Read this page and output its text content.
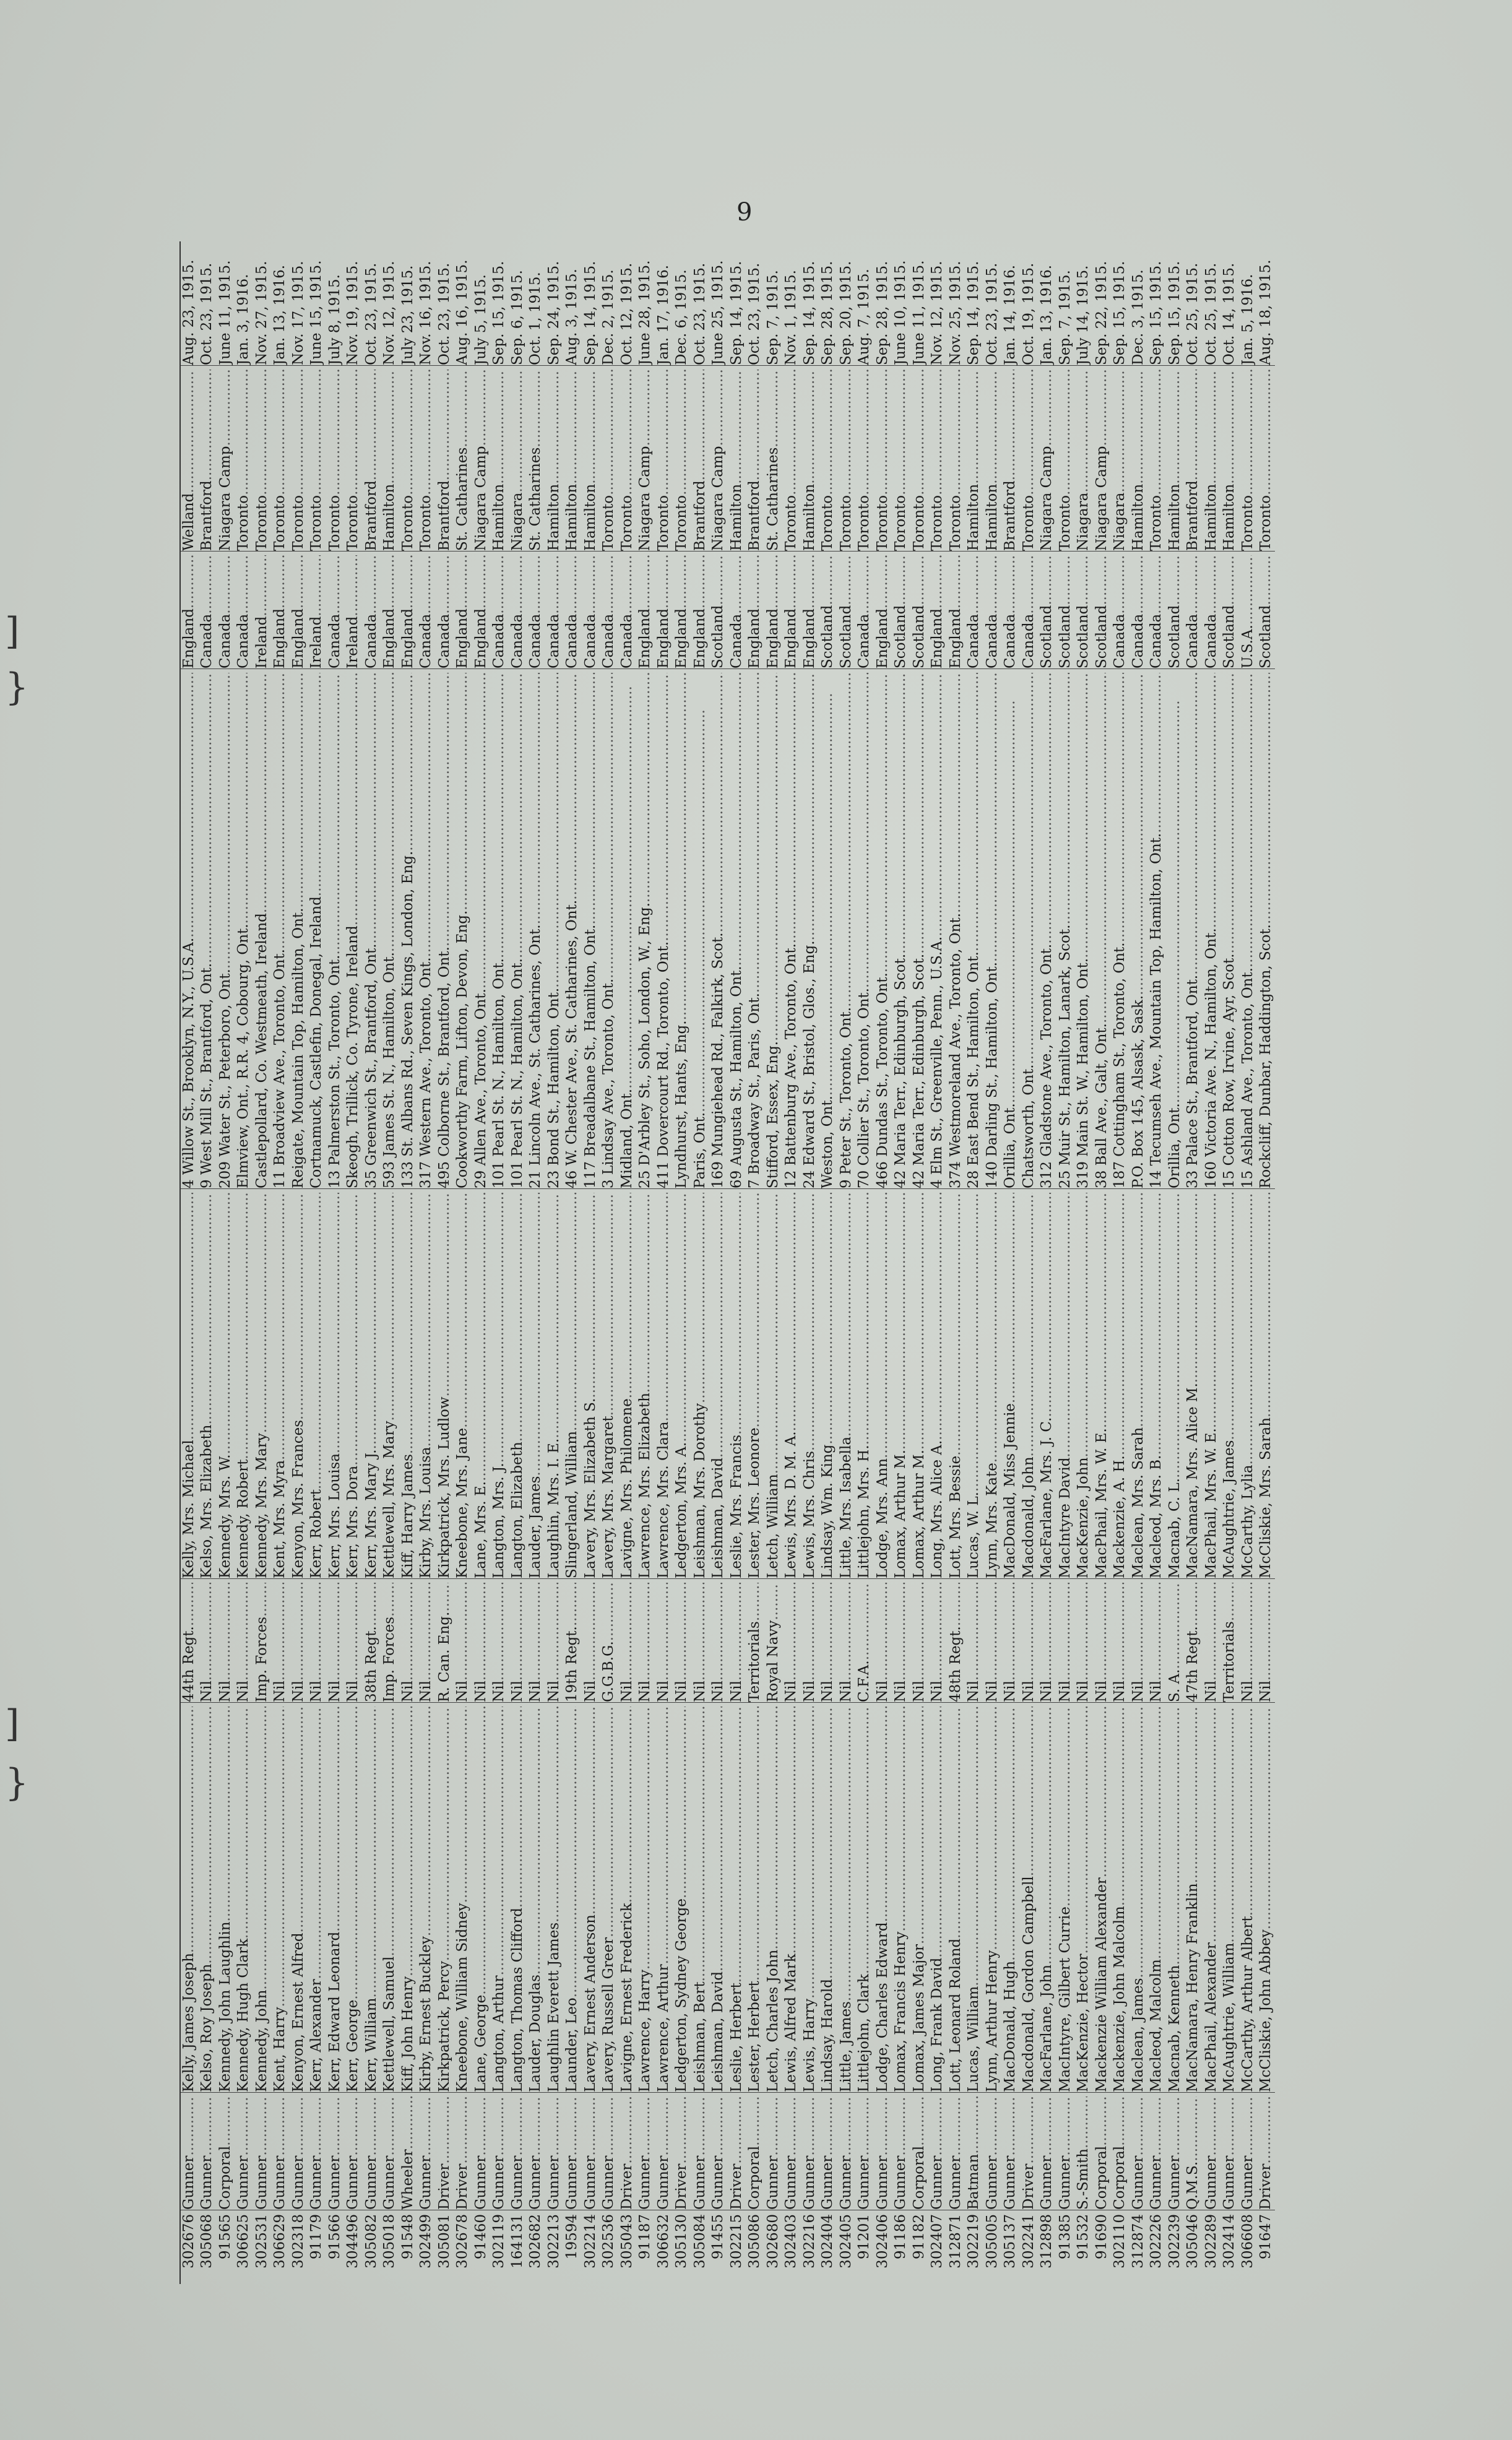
9
]
}
]
}
302676
Gunner
.....
Kelly, James Joseph
.....
44th Regt.
.....
Kelly, Mrs. Michael
.....
4 Willow St., Brooklyn, N.Y., U.S.A.
.....
England
.....
Welland
.....
Aug. 23, 1915.
305068
Gunner
.....
Kelso, Roy Joseph
.....
Nil
.....
Kelso, Mrs. Elizabeth
.....
9 West Mill St., Brantford, Ont.
.....
Canada
.....
Brantford
.....
Oct. 23, 1915.
91565
Corporal
.....
Kennedy, John Laughlin
.....
Nil
.....
Kennedy, Mrs. W.
.....
209 Water St., Peterboro, Ont.
.....
Canada
.....
Niagara Camp
.....
June 11, 1915.
306625
Gunner
.....
Kennedy, Hugh Clark
.....
Nil
.....
Kennedy, Robert
.....
Elmview, Ont., R.R. 4, Cobourg, Ont.
.....
Canada
.....
Toronto
.....
Jan. 3, 1916.
302531
Gunner
.....
Kennedy, John
.....
Imp. Forces
.....
Kennedy, Mrs. Mary
.....
Castlepollard, Co. Westmeath, Ireland
.....
Ireland
.....
Toronto
.....
Nov. 27, 1915.
306629
Gunner
.....
Kent, Harry
.....
Nil
.....
Kent, Mrs. Myra
.....
11 Broadview Ave., Toronto, Ont.
.....
England
.....
Toronto
.....
Jan. 13, 1916.
302318
Gunner
.....
Kenyon, Ernest Alfred
.....
Nil
.....
Kenyon, Mrs. Frances
.....
Reigate, Mountain Top, Hamilton, Ont.
.....
England
.....
Toronto
.....
Nov. 17, 1915.
91179
Gunner
.....
Kerr, Alexander
.....
Nil
.....
Kerr, Robert
.....
Cortnamuck, Castlefin, Donegal, Ireland
.....
Ireland
.....
Toronto
.....
June 15, 1915.
91566
Gunner
.....
Kerr, Edward Leonard
.....
Nil
.....
Kerr, Mrs. Louisa
.....
13 Palmerston St., Toronto, Ont.
.....
Canada
.....
Toronto
.....
July 8, 1915.
304496
Gunner
.....
Kerr, George
.....
Nil
.....
Kerr, Mrs. Dora
.....
Skeogh, Trillick, Co. Tyrone, Ireland
.....
Ireland
.....
Toronto
.....
Nov. 19, 1915.
305082
Gunner
.....
Kerr, William
.....
38th Regt.
.....
Kerr, Mrs. Mary J.
.....
35 Greenwich St., Brantford, Ont.
.....
Canada
.....
Brantford
.....
Oct. 23, 1915.
305018
Gunner
.....
Kettlewell, Samuel
.....
Imp. Forces
.....
Kettlewell, Mrs. Mary
.....
593 James St. N., Hamilton, Ont.
.....
England
.....
Hamilton
.....
Nov. 12, 1915.
91548
Wheeler
.....
Kiff, John Henry
.....
Nil
.....
Kiff, Harry James
.....
133 St. Albans Rd., Seven Kings, London, Eng.
.....
England
.....
Toronto
.....
July 23, 1915.
302499
Gunner
.....
Kirby, Ernest Buckley
.....
Nil
.....
Kirby, Mrs. Louisa
.....
317 Western Ave., Toronto, Ont.
.....
Canada
.....
Toronto
.....
Nov. 16, 1915.
305081
Driver
.....
Kirkpatrick, Percy
.....
R. Can. Eng.
.....
Kirkpatrick, Mrs. Ludlow
.....
495 Colborne St., Brantford, Ont.
.....
Canada
.....
Brantford
.....
Oct. 23, 1915.
302678
Driver
.....
Kneebone, William Sidney
.....
Nil
.....
Kneebone, Mrs. Jane
.....
Cookworthy Farm, Lifton, Devon, Eng.
.....
England
.....
St. Catharines
.....
Aug. 16, 1915.
91460
Gunner
.....
Lane, George
.....
Nil
.....
Lane, Mrs. E.
.....
29 Allen Ave., Toronto, Ont.
.....
England
.....
Niagara Camp
.....
July 5, 1915.
302119
Gunner
.....
Langton, Arthur
.....
Nil
.....
Langton, Mrs. J.
.....
101 Pearl St. N., Hamilton, Ont.
.....
Canada
.....
Hamilton
.....
Sep. 15, 1915.
164131
Gunner
.....
Langton, Thomas Clifford
.....
Nil
.....
Langton, Elizabeth
.....
101 Pearl St. N., Hamilton, Ont.
.....
Canada
.....
Niagara
.....
Sep. 6, 1915.
302682
Gunner
.....
Lauder, Douglas
.....
Nil
.....
Lauder, James
.....
21 Lincoln Ave., St. Catharines, Ont.
.....
Canada
.....
St. Catharines
.....
Oct. 1, 1915.
302213
Gunner
.....
Laughlin Everett James
.....
Nil
.....
Laughlin, Mrs. I. E.
.....
23 Bond St., Hamilton, Ont.
.....
Canada
.....
Hamilton
.....
Sep. 24, 1915.
19594
Gunner
.....
Launder, Leo
.....
19th Regt.
.....
Slingerland, William
.....
46 W. Chester Ave., St. Catharines, Ont.
.....
Canada
.....
Hamilton
.....
Aug. 3, 1915.
302214
Gunner
.....
Lavery, Ernest Anderson
.....
Nil
.....
Lavery, Mrs. Elizabeth S.
.....
117 Breadalbane St., Hamilton, Ont.
.....
Canada
.....
Hamilton
.....
Sep. 14, 1915.
302536
Gunner
.....
Lavery, Russell Greer
.....
G.G.B.G.
.....
Lavery, Mrs. Margaret
.....
3 Lindsay Ave., Toronto, Ont.
.....
Canada
.....
Toronto
.....
Dec. 2, 1915.
305043
Driver
.....
Lavigne, Ernest Frederick
.....
Nil
.....
Lavigne, Mrs. Philomene
.....
Midland, Ont.
.....
Canada
.....
Toronto
.....
Oct. 12, 1915.
91187
Gunner
.....
Lawrence, Harry
.....
Nil
.....
Lawrence, Mrs. Elizabeth
.....
25 D'Arbley St., Soho, London, W., Eng.
.....
England
.....
Niagara Camp
.....
June 28, 1915.
306632
Gunner
.....
Lawrence, Arthur
.....
Nil
.....
Lawrence, Mrs. Clara
.....
411 Dovercourt Rd., Toronto, Ont.
.....
England
.....
Toronto
.....
Jan. 17, 1916.
305130
Driver
.....
Ledgerton, Sydney George
.....
Nil
.....
Ledgerton, Mrs. A.
.....
Lyndhurst, Hants, Eng.
.....
England
.....
Toronto
.....
Dec. 6, 1915.
305084
Gunner
.....
Leishman, Bert
.....
Nil
.....
Leishman, Mrs. Dorothy
.....
Paris, Ont.
.....
England
.....
Brantford
.....
Oct. 23, 1915.
91455
Gunner
.....
Leishman, David
.....
Nil
.....
Leishman, David
.....
169 Mungiehead Rd., Falkirk, Scot.
.....
Scotland
.....
Niagara Camp
.....
June 25, 1915.
302215
Driver
.....
Leslie, Herbert
.....
Nil
.....
Leslie, Mrs. Francis
.....
69 Augusta St., Hamilton, Ont.
.....
Canada
.....
Hamilton
.....
Sep. 14, 1915.
305086
Corporal
.....
Lester, Herbert
.....
Territorials
.....
Lester, Mrs. Leonore
.....
7 Broadway St., Paris, Ont.
.....
England
.....
Brantford
.....
Oct. 23, 1915.
302680
Gunner
.....
Letch, Charles John
.....
Royal Navy
.....
Letch, William
.....
Stifford, Essex, Eng.
.....
England
.....
St. Catharines
.....
Sep. 7, 1915.
302403
Gunner
.....
Lewis, Alfred Mark
.....
Nil
.....
Lewis, Mrs. D. M. A.
.....
12 Battenburg Ave., Toronto, Ont.
.....
England
.....
Toronto
.....
Nov. 1, 1915.
302216
Gunner
.....
Lewis, Harry
.....
Nil
.....
Lewis, Mrs. Chris
.....
24 Edward St., Bristol, Glos., Eng.
.....
England
.....
Hamilton
.....
Sep. 14, 1915.
302404
Gunner
.....
Lindsay, Harold
.....
Nil
.....
Lindsay, Wm. King
.....
Weston, Ont.
.....
Scotland
.....
Toronto
.....
Sep. 28, 1915.
302405
Gunner
.....
Little, James
.....
Nil
.....
Little, Mrs. Isabella
.....
9 Peter St., Toronto, Ont.
.....
Scotland
.....
Toronto
.....
Sep. 20, 1915.
91201
Gunner
.....
Littlejohn, Clark
.....
C.F.A.
.....
Littlejohn, Mrs. H.
.....
70 Collier St., Toronto, Ont.
.....
Canada
.....
Toronto
.....
Aug. 7, 1915.
302406
Gunner
.....
Lodge, Charles Edward
.....
Nil
.....
Lodge, Mrs. Ann
.....
466 Dundas St., Toronto, Ont.
.....
England
.....
Toronto
.....
Sep. 28, 1915.
91186
Gunner
.....
Lomax, Francis Henry
.....
Nil
.....
Lomax, Arthur M.
.....
42 Maria Terr., Edinburgh, Scot.
.....
Scotland
.....
Toronto
.....
June 10, 1915.
91182
Corporal
.....
Lomax, James Major
.....
Nil
.....
Lomax, Arthur M.
.....
42 Maria Terr., Edinburgh, Scot.
.....
Scotland
.....
Toronto
.....
June 11, 1915.
302407
Gunner
.....
Long, Frank David
.....
Nil
.....
Long, Mrs. Alice A.
.....
4 Elm St., Greenville, Penn., U.S.A.
.....
England
.....
Toronto
.....
Nov. 12, 1915.
312871
Gunner
.....
Lott, Leonard Roland
.....
48th Regt.
.....
Lott, Mrs. Bessie
.....
374 Westmoreland Ave., Toronto, Ont.
.....
England
.....
Toronto
.....
Nov. 25, 1915.
302219
Batman
.....
Lucas, William
.....
Nil
.....
Lucas, W. L.
.....
28 East Bend St., Hamilton, Ont.
.....
Canada
.....
Hamilton
.....
Sep. 14, 1915.
305005
Gunner
.....
Lynn, Arthur Henry
.....
Nil
.....
Lynn, Mrs. Kate
.....
140 Darling St., Hamilton, Ont.
.....
Canada
.....
Hamilton
.....
Oct. 23, 1915.
305137
Gunner
.....
MacDonald, Hugh
.....
Nil
.....
MacDonald, Miss Jennie
.....
Orillia, Ont.
.....
Canada
.....
Brantford
.....
Jan. 14, 1916.
302241
Driver
.....
Macdonald, Gordon Campbell
.....
Nil
.....
Macdonald, John
.....
Chatsworth, Ont.
.....
Canada
.....
Toronto
.....
Oct. 19, 1915.
312898
Gunner
.....
MacFarlane, John
.....
Nil
.....
MacFarlane, Mrs. J. C.
.....
312 Gladstone Ave., Toronto, Ont.
.....
Scotland
.....
Niagara Camp
.....
Jan. 13, 1916.
91385
Gunner
.....
MacIntyre, Gilbert Currie
.....
Nil
.....
MacIntyre David
.....
25 Muir St., Hamilton, Lanark, Scot.
.....
Scotland
.....
Toronto
.....
Sep. 7, 1915.
91532
S.-Smith
.....
MacKenzie, Hector
.....
Nil
.....
MacKenzie, John
.....
319 Main St. W., Hamilton, Ont.
.....
Scotland
.....
Niagara
.....
July 14, 1915.
91690
Corporal
.....
Mackenzie William Alexander
.....
Nil
.....
MacPhail, Mrs. W. E.
.....
38 Ball Ave., Galt, Ont.
.....
Scotland
.....
Niagara Camp
.....
Sep. 22, 1915.
302110
Corporal
.....
Mackenzie, John Malcolm
.....
Nil
.....
Mackenzie, A. H.
.....
187 Cottingham St., Toronto, Ont.
.....
Canada
.....
Niagara
.....
Sep. 15, 1915.
312874
Gunner
.....
Maclean, James
.....
Nil
.....
Maclean, Mrs. Sarah
.....
P.O. Box 145, Alsask, Sask.
.....
Canada
.....
Hamilton
.....
Dec. 3, 1915.
302226
Gunner
.....
Macleod, Malcolm
.....
Nil
.....
Macleod, Mrs. B.
.....
14 Tecumseh Ave., Mountain Top, Hamilton, Ont.
.....
Canada
.....
Toronto
.....
Sep. 15, 1915.
302239
Gunner
.....
Macnab, Kenneth
.....
S. A.
.....
Macnab, C. L.
.....
Orillia, Ont.
.....
Scotland
.....
Hamilton
.....
Sep. 15, 1915.
305046
Q.M.S.
.....
MacNamara, Henry Franklin
.....
47th Regt.
.....
MacNamara, Mrs. Alice M.
.....
33 Palace St., Brantford, Ont.
.....
Canada
.....
Brantford
.....
Oct. 25, 1915.
302289
Gunner
.....
MacPhail, Alexander
.....
Nil
.....
MacPhail, Mrs. W. E.
.....
160 Victoria Ave. N., Hamilton, Ont.
.....
Canada
.....
Hamilton
.....
Oct. 25, 1915.
302414
Gunner
.....
McAughtrie, William
.....
Territorials
.....
McAughtrie, James
.....
15 Cotton Row, Irvine, Ayr, Scot.
.....
Scotland
.....
Hamilton
.....
Oct. 14, 1915.
306608
Gunner
.....
McCarthy, Arthur Albert
.....
Nil
.....
McCarthy, Lylia
.....
15 Ashland Ave., Toronto, Ont.
.....
U.S.A.
.....
Toronto
.....
Jan. 5, 1916.
91647
Driver
.....
McCliskie, John Abbey
.....
Nil
.....
McCliskie, Mrs. Sarah
.....
Rockcliff, Dunbar, Haddington, Scot.
.....
Scotland
.....
Toronto
.....
Aug. 18, 1915.
